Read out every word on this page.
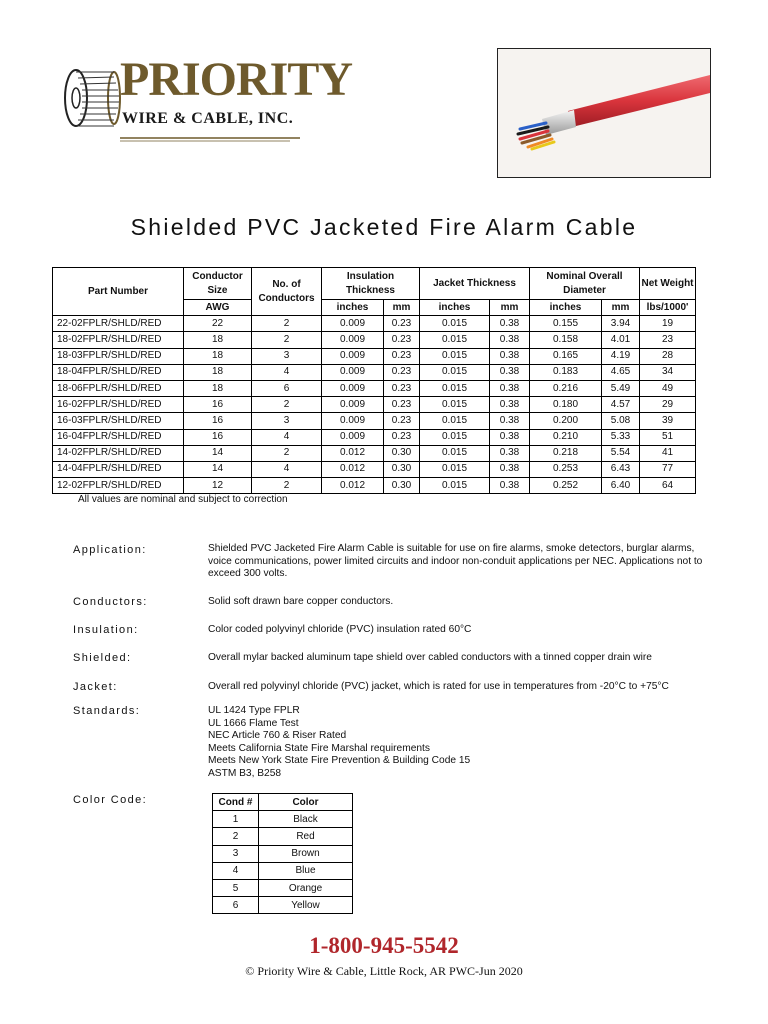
PRIORITY
WIRE & CABLE, INC.
Shielded PVC Jacketed Fire Alarm Cable
Part Number	Conductor Size	No. of Conductors	Insulation Thickness		Jacket Thickness		Nominal Overall Diameter		Net Weight
	AWG		inches	mm	inches	mm	inches	mm	lbs/1000'
22-02FPLR/SHLD/RED	22	2	0.009	0.23	0.015	0.38	0.155	3.94	19
18-02FPLR/SHLD/RED	18	2	0.009	0.23	0.015	0.38	0.158	4.01	23
18-03FPLR/SHLD/RED	18	3	0.009	0.23	0.015	0.38	0.165	4.19	28
18-04FPLR/SHLD/RED	18	4	0.009	0.23	0.015	0.38	0.183	4.65	34
18-06FPLR/SHLD/RED	18	6	0.009	0.23	0.015	0.38	0.216	5.49	49
16-02FPLR/SHLD/RED	16	2	0.009	0.23	0.015	0.38	0.180	4.57	29
16-03FPLR/SHLD/RED	16	3	0.009	0.23	0.015	0.38	0.200	5.08	39
16-04FPLR/SHLD/RED	16	4	0.009	0.23	0.015	0.38	0.210	5.33	51
14-02FPLR/SHLD/RED	14	2	0.012	0.30	0.015	0.38	0.218	5.54	41
14-04FPLR/SHLD/RED	14	4	0.012	0.30	0.015	0.38	0.253	6.43	77
12-02FPLR/SHLD/RED	12	2	0.012	0.30	0.015	0.38	0.252	6.40	64
All values are nominal and subject to correction
Application:	Shielded PVC Jacketed Fire Alarm Cable is suitable for use on fire alarms, smoke detectors, burglar alarms, voice communications, power limited circuits and indoor non-conduit applications per NEC. Applications not to exceed 300 volts.
Conductors:	Solid soft drawn bare copper conductors.
Insulation:	Color coded polyvinyl chloride (PVC) insulation rated 60°C
Shielded:	Overall mylar backed aluminum tape shield over cabled conductors with a tinned copper drain wire
Jacket:	Overall red polyvinyl chloride (PVC) jacket, which is rated for use in temperatures from -20°C to +75°C
Standards:	UL 1424 Type FPLR
UL 1666 Flame Test
NEC Article 760 & Riser Rated
Meets California State Fire Marshal requirements
Meets New York State Fire Prevention & Building Code 15
ASTM B3, B258
Color Code:	Cond #	Color
1	Black
2	Red
3	Brown
4	Blue
5	Orange
6	Yellow
1-800-945-5542
© Priority Wire & Cable, Little Rock, AR PWC-Jun 2020
